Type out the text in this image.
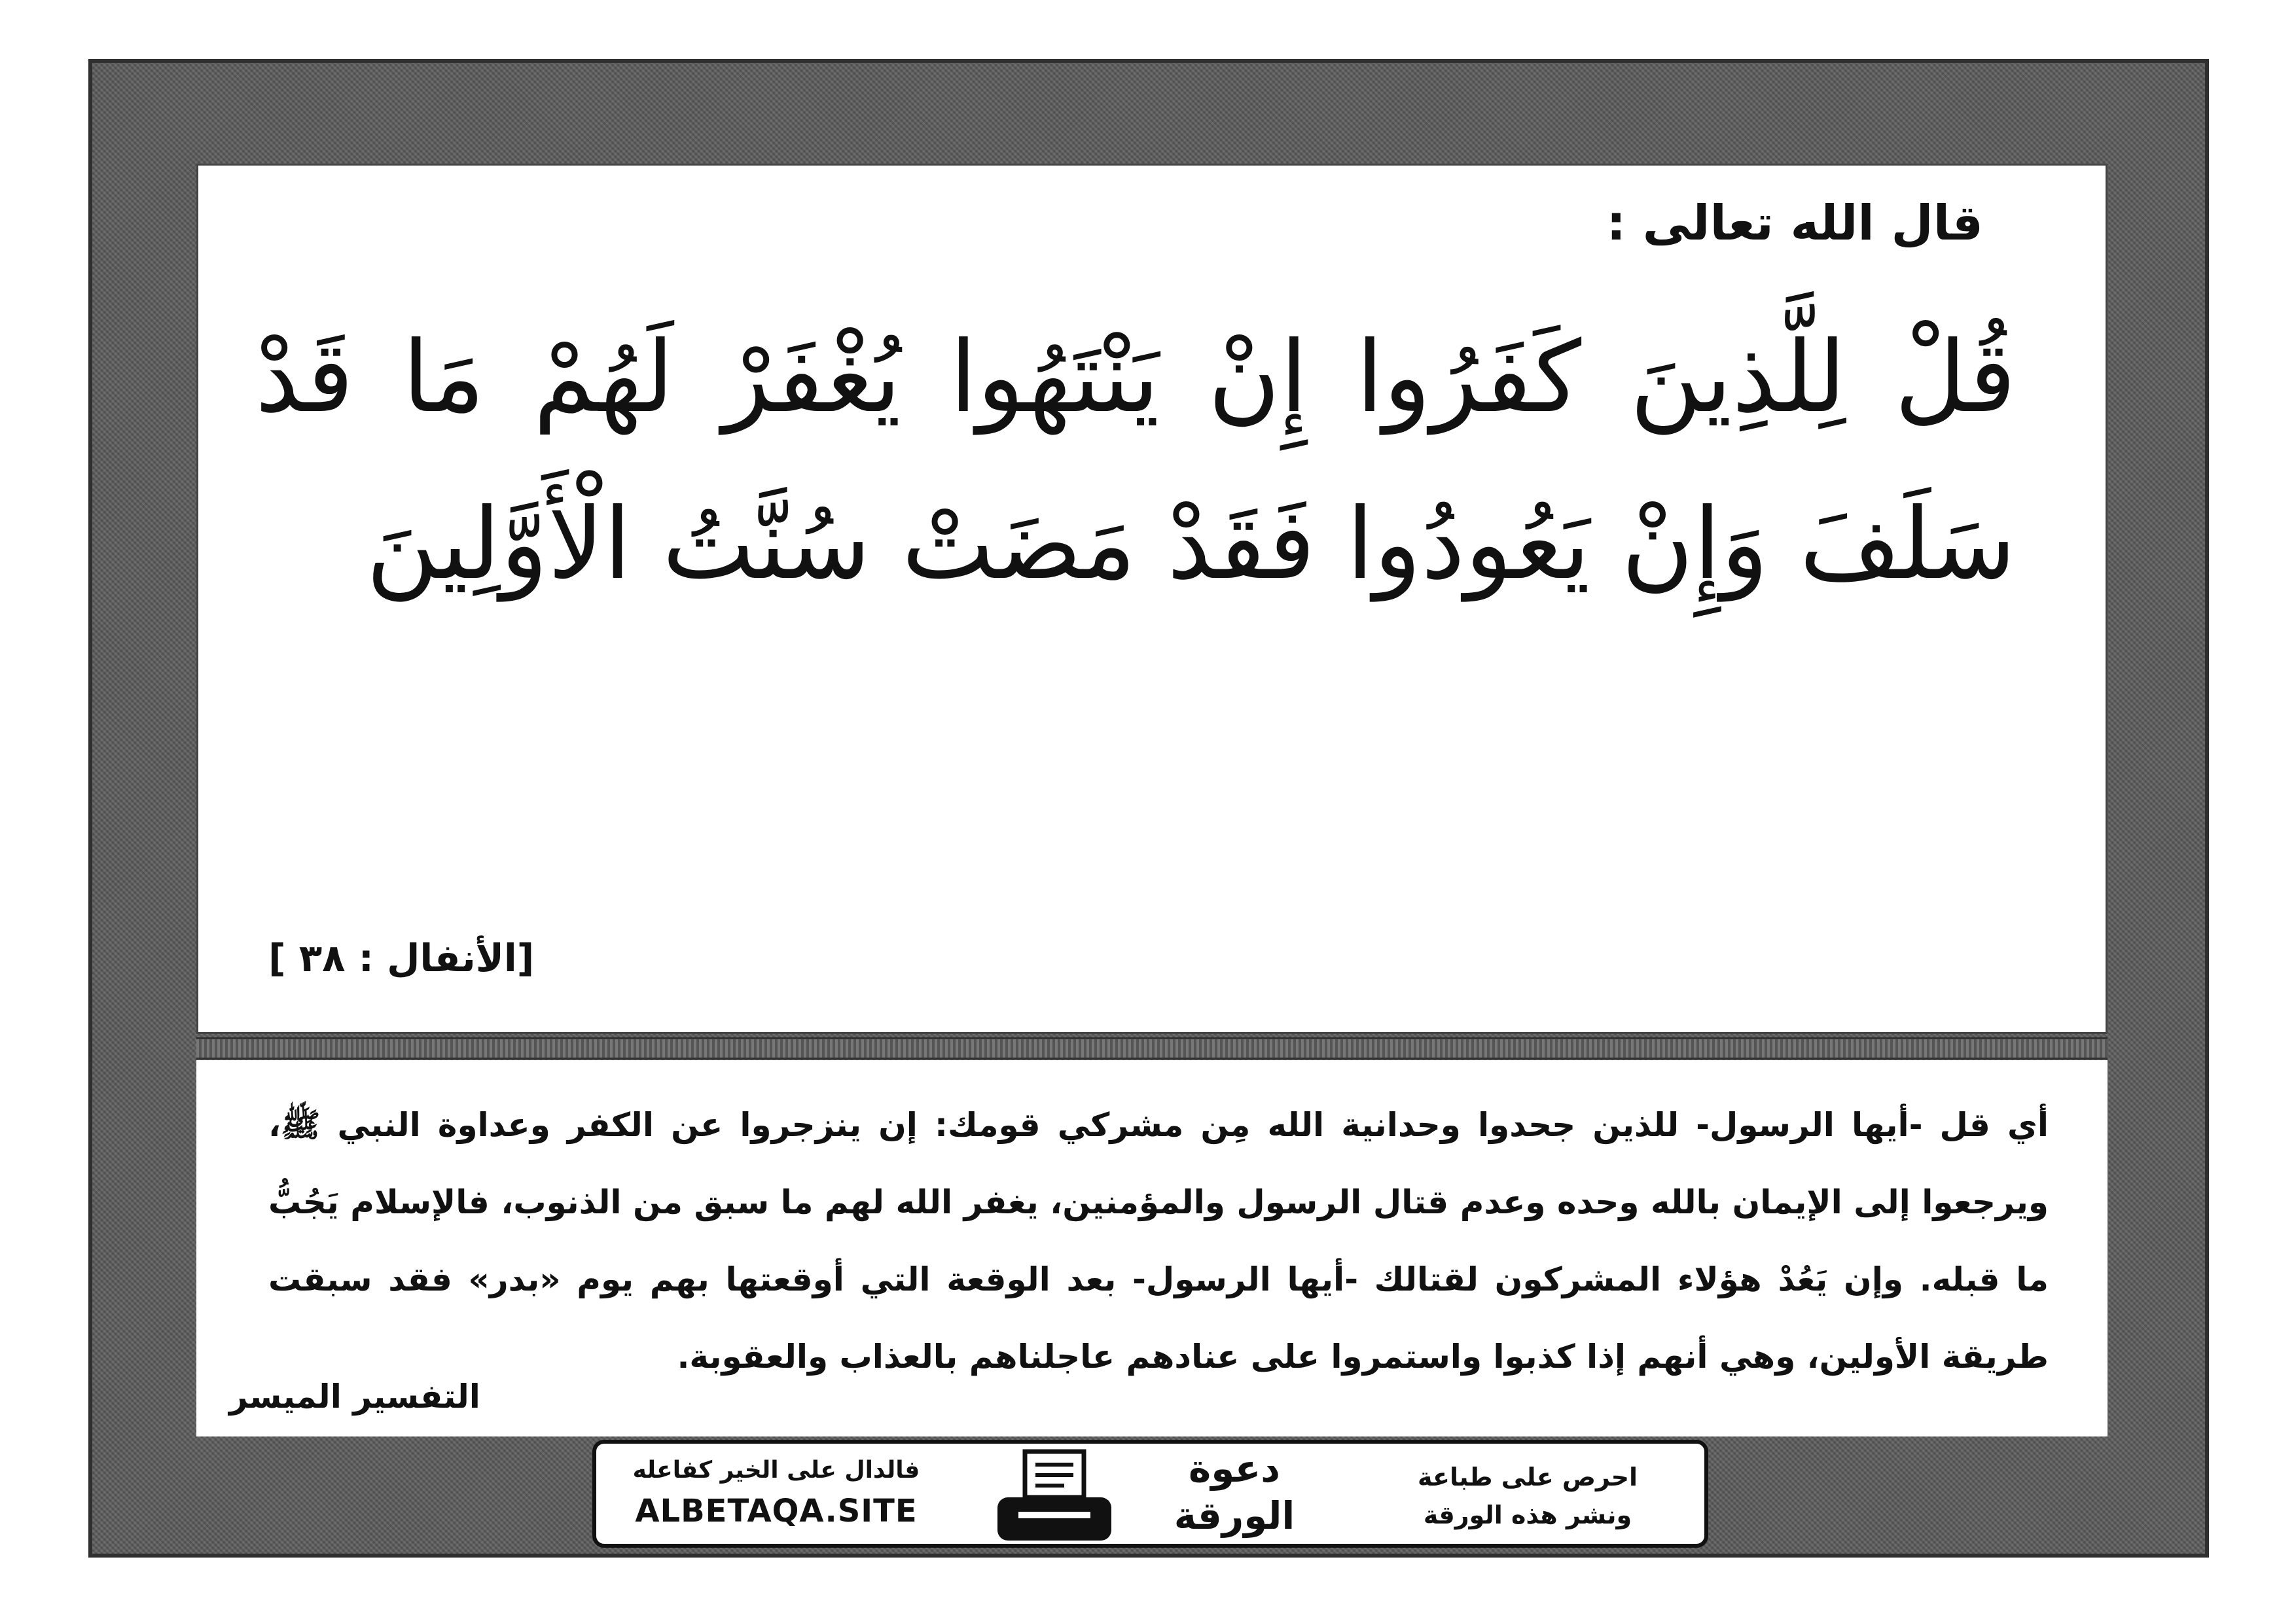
قال الله تعالى :
قُلْ لِلَّذِينَ كَفَرُوا إِنْ يَنْتَهُوا يُغْفَرْ لَهُمْ مَا قَدْ سَلَفَ وَإِنْ يَعُودُوا فَقَدْ مَضَتْ سُنَّتُ الْأَوَّلِينَ
[الأنفال : ٣٨ ]
أي قل -أيها الرسول- للذين جحدوا وحدانية الله مِن مشركي قومك: إن ينزجروا عن الكفر وعداوة النبي ﷺ، ويرجعوا إلى الإيمان بالله وحده وعدم قتال الرسول والمؤمنين، يغفر الله لهم ما سبق من الذنوب، فالإسلام يَجُبُّ ما قبله. وإن يَعُدْ هؤلاء المشركون لقتالك -أيها الرسول- بعد الوقعة التي أوقعتها بهم يوم «بدر» فقد سبقت طريقة الأولين، وهي أنهم إذا كذبوا واستمروا على عنادهم عاجلناهم بالعذاب والعقوبة.
التفسير الميسر
فالدال على الخير كفاعله
ALBETAQA.SITE
دعوة
الورقة
احرص على طباعة
ونشر هذه الورقة
